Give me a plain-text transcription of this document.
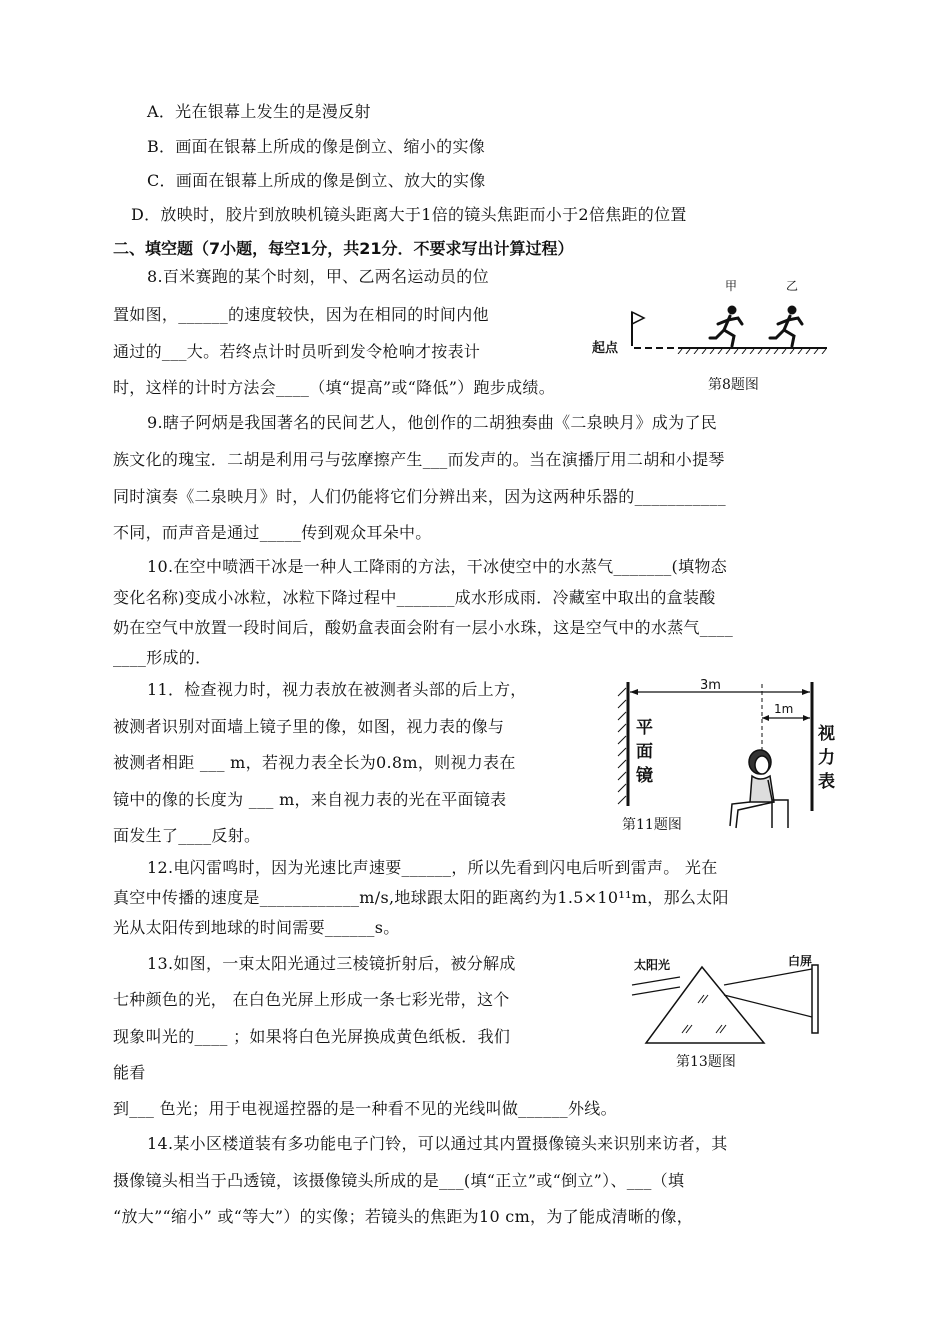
A．光在银幕上发生的是漫反射
B．画面在银幕上所成的像是倒立、缩小的实像
C．画面在银幕上所成的像是倒立、放大的实像
D．放映时，胶片到放映机镜头距离大于1倍的镜头焦距而小于2倍焦距的位置
二、填空题（7小题，每空1分，共21分．不要求写出计算过程）
8.百米赛跑的某个时刻，甲、乙两名运动员的位
置如图，______的速度较快，因为在相同的时间内他
通过的___大。若终点计时员听到发令枪响才按表计
时，这样的计时方法会____（填“提高”或“降低”）跑步成绩。
起点
甲	乙
第8题图
9.瞎子阿炳是我国著名的民间艺人，他创作的二胡独奏曲《二泉映月》成为了民
族文化的瑰宝．二胡是利用弓与弦摩擦产生___而发声的。当在演播厅用二胡和小提琴
同时演奏《二泉映月》时，人们仍能将它们分辨出来，因为这两种乐器的___________
不同，而声音是通过_____传到观众耳朵中。
10.在空中喷洒干冰是一种人工降雨的方法，干冰使空中的水蒸气_______(填物态
变化名称)变成小冰粒，冰粒下降过程中_______成水形成雨．冷藏室中取出的盒装酸
奶在空气中放置一段时间后，酸奶盒表面会附有一层小水珠，这是空气中的水蒸气____
____形成的．
11．检查视力时，视力表放在被测者头部的后上方，
被测者识别对面墙上镜子里的像，如图，视力表的像与
被测者相距 ___ m，若视力表全长为0.8m，则视力表在
镜中的像的长度为 ___ m，来自视力表的光在平面镜表
面发生了____反射。
3m
1m
平面镜
视力表
第11题图
12.电闪雷鸣时，因为光速比声速要______，所以先看到闪电后听到雷声。 光在
真空中传播的速度是____________m/s,地球跟太阳的距离约为1.5×10¹¹m，那么太阳
光从太阳传到地球的时间需要______s。
13.如图，一束太阳光通过三棱镜折射后，被分解成
七种颜色的光， 在白色光屏上形成一条七彩光带，这个
现象叫光的____ ；如果将白色光屏换成黄色纸板．我们
能看
到___ 色光；用于电视遥控器的是一种看不见的光线叫做______外线。
太阳光	白屏
第13题图
14.某小区楼道装有多功能电子门铃，可以通过其内置摄像镜头来识别来访者，其
摄像镜头相当于凸透镜，该摄像镜头所成的是___(填“正立”或“倒立”）、___（填
“放大”“缩小” 或“等大”）的实像；若镜头的焦距为10 cm，为了能成清晰的像，
